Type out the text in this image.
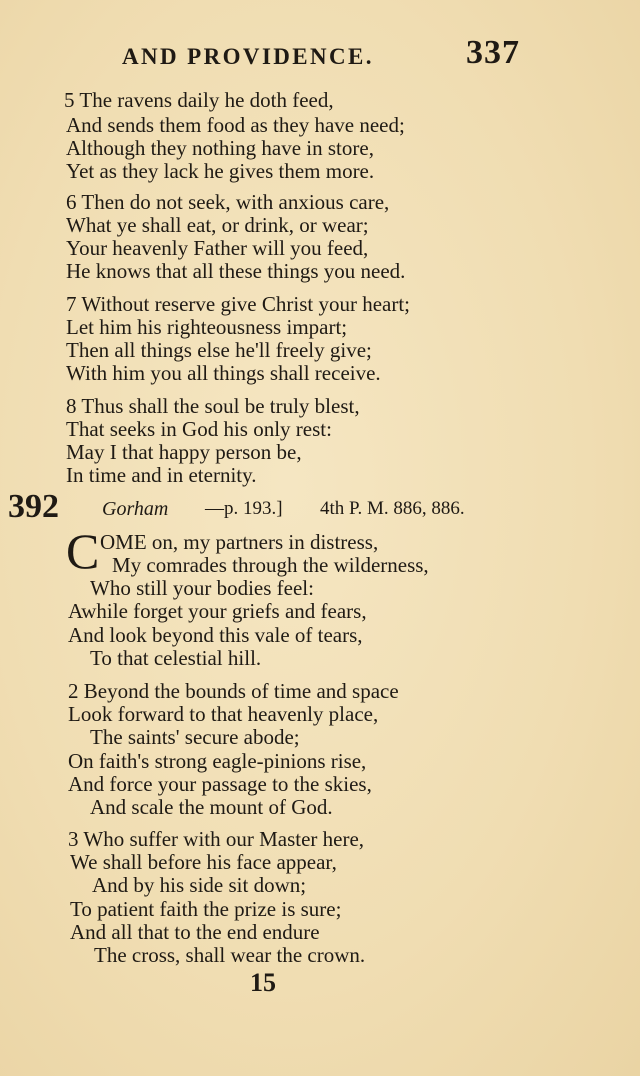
AND PROVIDENCE.	337
5 The ravens daily he doth feed,
And sends them food as they have need;
Although they nothing have in store,
Yet as they lack he gives them more.
6 Then do not seek, with anxious care,
What ye shall eat, or drink, or wear;
Your heavenly Father will you feed,
He knows that all these things you need.
7 Without reserve give Christ your heart;
Let him his righteousness impart;
Then all things else he'll freely give;
With him you all things shall receive.
8 Thus shall the soul be truly blest,
That seeks in God his only rest:
May I that happy person be,
In time and in eternity.
392 Gorham —p. 193.] 4th P. M. 886, 886.
C OME on, my partners in distress,
My comrades through the wilderness,
Who still your bodies feel:
Awhile forget your griefs and fears,
And look beyond this vale of tears,
To that celestial hill.
2 Beyond the bounds of time and space
Look forward to that heavenly place,
The saints' secure abode;
On faith's strong eagle-pinions rise,
And force your passage to the skies,
And scale the mount of God.
3 Who suffer with our Master here,
We shall before his face appear,
And by his side sit down;
To patient faith the prize is sure;
And all that to the end endure
The cross, shall wear the crown.
15
